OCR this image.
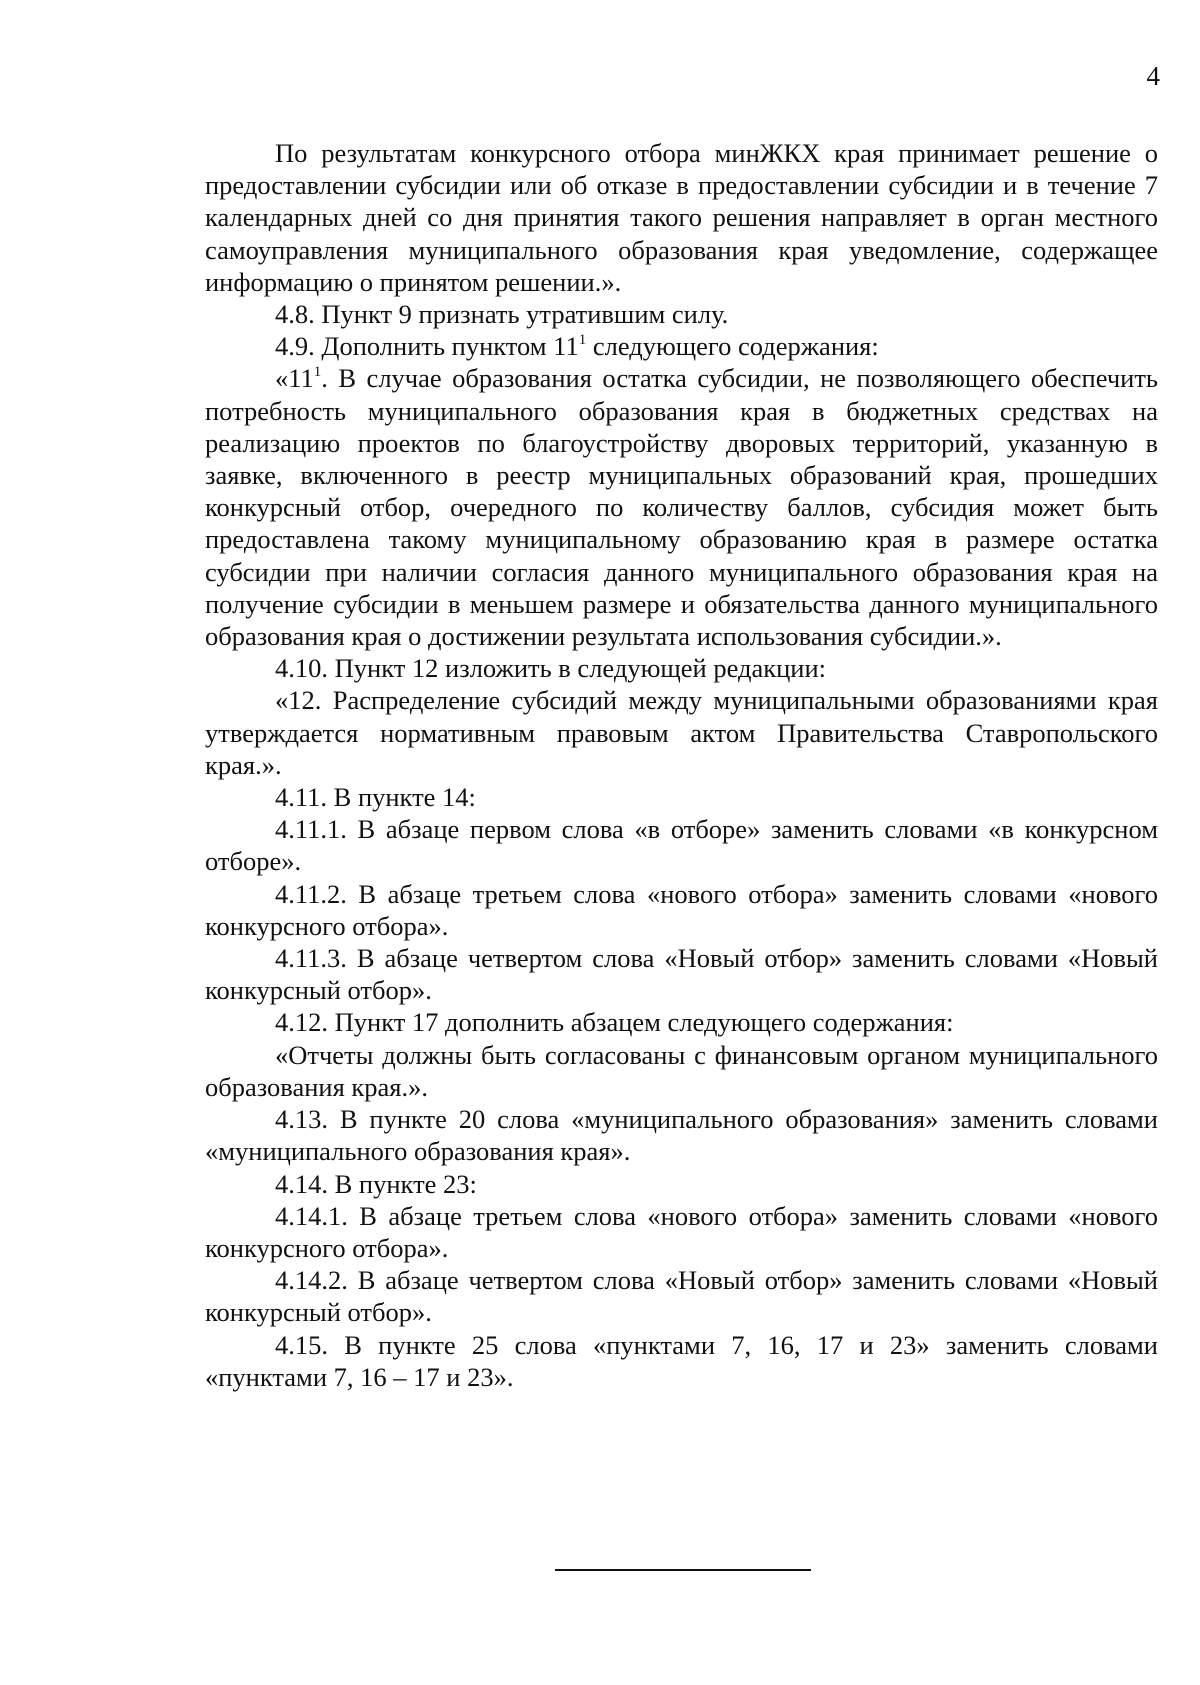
4

По результатам конкурсного отбора минЖКХ края принимает решение о предоставлении субсидии или об отказе в предоставлении субсидии и в течение 7 календарных дней со дня принятия такого решения направляет в орган местного самоуправления муниципального образования края уведомление, содержащее информацию о принятом решении.».

4.8. Пункт 9 признать утратившим силу.

4.9. Дополнить пунктом $11^1$ следующего содержания:

«$11^1$. В случае образования остатка субсидии, не позволяющего обеспечить потребность муниципального образования края в бюджетных средствах на реализацию проектов по благоустройству дворовых территорий, указанную в заявке, включенного в реестр муниципальных образований края, прошедших конкурсный отбор, очередного по количеству баллов, субсидия может быть предоставлена такому муниципальному образованию края в размере остатка субсидии при наличии согласия данного муниципального образования края на получение субсидии в меньшем размере и обязательства данного муниципального образования края о достижении результата использования субсидии.».

4.10. Пункт 12 изложить в следующей редакции:

«12. Распределение субсидий между муниципальными образованиями края утверждается нормативным правовым актом Правительства Ставропольского края.».

4.11. В пункте 14:

4.11.1. В абзаце первом слова «в отборе» заменить словами «в конкурсном отборе».

4.11.2. В абзаце третьем слова «нового отбора» заменить словами «нового конкурсного отбора».

4.11.3. В абзаце четвертом слова «Новый отбор» заменить словами «Новый конкурсный отбор».

4.12. Пункт 17 дополнить абзацем следующего содержания:

«Отчеты должны быть согласованы с финансовым органом муниципального образования края.».

4.13. В пункте 20 слова «муниципального образования» заменить словами «муниципального образования края».

4.14. В пункте 23:

4.14.1. В абзаце третьем слова «нового отбора» заменить словами «нового конкурсного отбора».

4.14.2. В абзаце четвертом слова «Новый отбор» заменить словами «Новый конкурсный отбор».

4.15. В пункте 25 слова «пунктами 7, 16, 17 и 23» заменить словами «пунктами 7, 16 – 17 и 23».
